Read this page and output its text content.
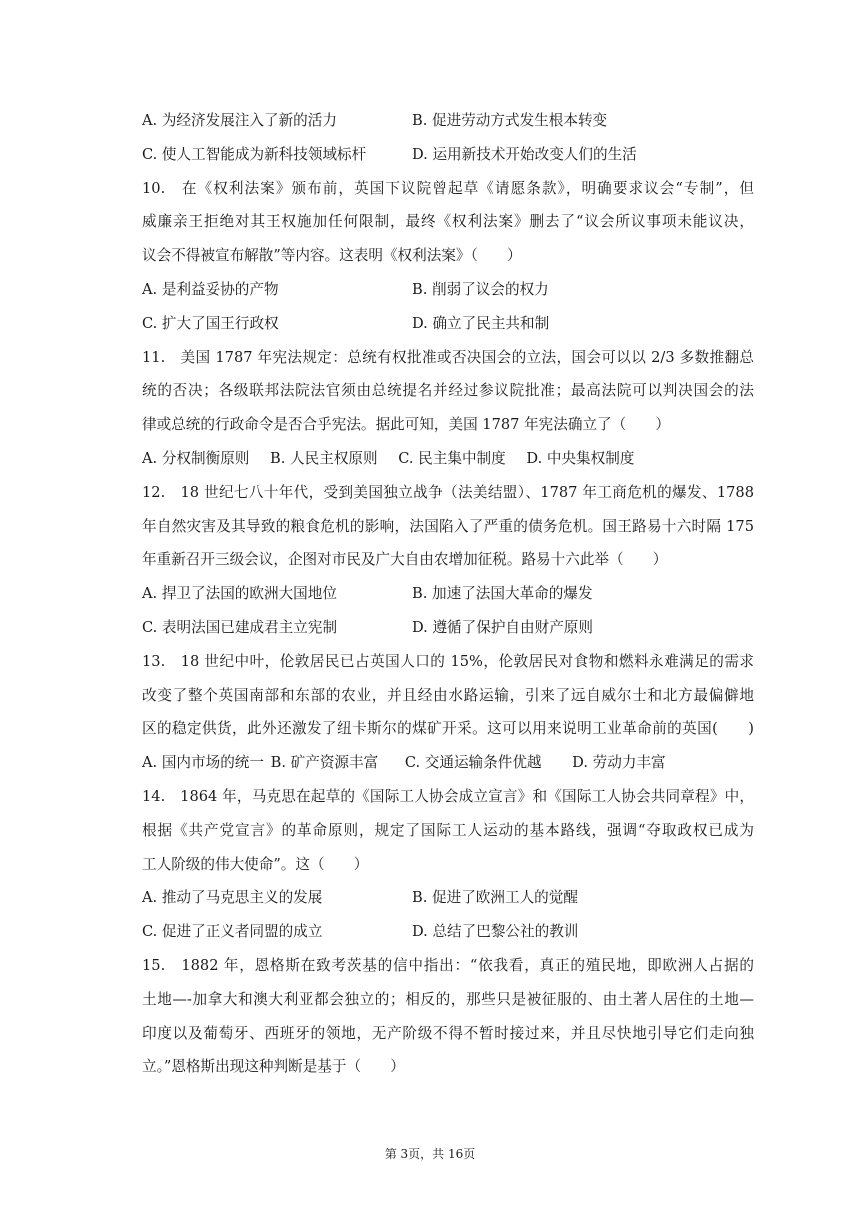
A. 为经济发展注入了新的活力	B. 促进劳动方式发生根本转变
C. 使人工智能成为新科技领域标杆	D. 运用新技术开始改变人们的生活
10.　在《权利法案》颁布前，英国下议院曾起草《请愿条款》，明确要求议会“专制”，但
威廉亲王拒绝对其王权施加任何限制，最终《权利法案》删去了“议会所议事项未能议决，
议会不得被宣布解散”等内容。这表明《权利法案》（　　）
A. 是利益妥协的产物	B. 削弱了议会的权力
C. 扩大了国王行政权	D. 确立了民主共和制
11.　美国 1787 年宪法规定：总统有权批准或否决国会的立法，国会可以以 2/3 多数推翻总
统的否决；各级联邦法院法官须由总统提名并经过参议院批准；最高法院可以判决国会的法
律或总统的行政命令是否合乎宪法。据此可知，美国 1787 年宪法确立了（　　）
A. 分权制衡原则 B. 人民主权原则 C. 民主集中制度 D. 中央集权制度
12.　18 世纪七八十年代，受到美国独立战争（法美结盟）、1787 年工商危机的爆发、1788
年自然灾害及其导致的粮食危机的影响，法国陷入了严重的债务危机。国王路易十六时隔 175
年重新召开三级会议，企图对市民及广大自由农增加征税。路易十六此举（　　）
A. 捍卫了法国的欧洲大国地位	B. 加速了法国大革命的爆发
C. 表明法国已建成君主立宪制	D. 遵循了保护自由财产原则
13.　18 世纪中叶，伦敦居民已占英国人口的 15%，伦敦居民对食物和燃料永难满足的需求
改变了整个英国南部和东部的农业，并且经由水路运输，引来了远自威尔士和北方最偏僻地
区的稳定供货，此外还激发了纽卡斯尔的煤矿开采。这可以用来说明工业革命前的英国(　　)
A. 国内市场的统一 B. 矿产资源丰富 C. 交通运输条件优越 D. 劳动力丰富
14.　1864 年，马克思在起草的《国际工人协会成立宣言》和《国际工人协会共同章程》中，
根据《共产党宣言》的革命原则，规定了国际工人运动的基本路线，强调“夺取政权已成为
工人阶级的伟大使命”。这（　　）
A. 推动了马克思主义的发展	B. 促进了欧洲工人的觉醒
C. 促进了正义者同盟的成立	D. 总结了巴黎公社的教训
15.　1882 年，恩格斯在致考茨基的信中指出：“依我看，真正的殖民地，即欧洲人占据的
土地—-加拿大和澳大利亚都会独立的；相反的，那些只是被征服的、由土著人居住的土地—
印度以及葡萄牙、西班牙的领地，无产阶级不得不暂时接过来，并且尽快地引导它们走向独
立。”恩格斯出现这种判断是基于（　　）
第 3页，共 16页
